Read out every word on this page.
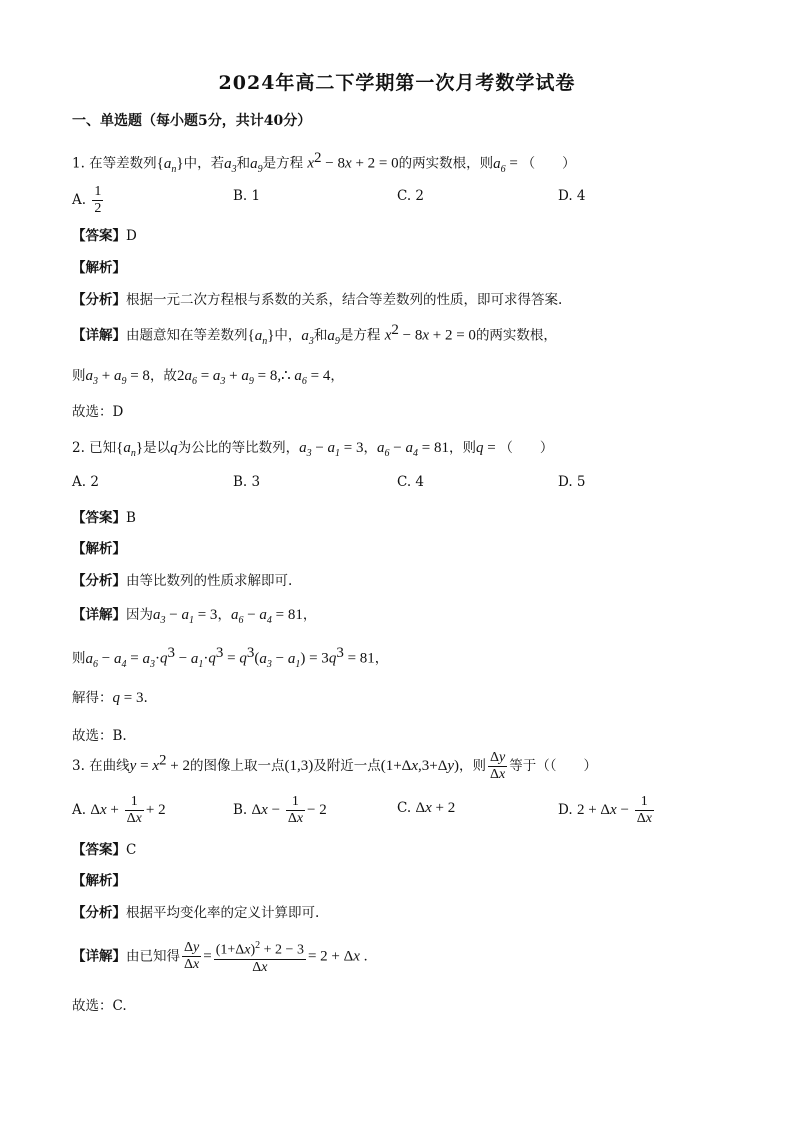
2024年高二下学期第一次月考数学试卷
一、单选题（每小题5分，共计40分）
1. 在等差数列$\{a_n\}$中，若$a_3$和$a_9$是方程 $x^2 - 8x + 2 = 0$的两实数根，则$a_6$ = （　　）
A. $\frac{1}{2}$	B. 1	C. 2	D. 4
【答案】D
【解析】
【分析】根据一元二次方程根与系数的关系，结合等差数列的性质，即可求得答案.
【详解】由题意知在等差数列$\{a_n\}$中，$a_3$和$a_9$是方程 $x^2 - 8x + 2 = 0$的两实数根，
则$a_3 + a_9 = 8$，故$2a_6 = a_3 + a_9$ = 8,∴ $a_6 = 4$，
故选：D
2. 已知$\{a_n\}$是以q为公比的等比数列，$a_3 - a_1 = 3$，$a_6 - a_4 = 81$，则q = （　　）
A. 2	B. 3	C. 4	D. 5
【答案】B
【解析】
【分析】由等比数列的性质求解即可.
【详解】因为$a_3 - a_1 = 3$，$a_6 - a_4 = 81$，
则$a_6 - a_4 = a_3\cdot q^3 - a_1\cdot q^3 = q^3(a_3 - a_1) = 3q^3 = 81$，
解得：q = 3.
故选：B.
3. 在曲线$y = x^2 + 2$的图像上取一点(1,3)及附近一点(1+Δx,3+Δy)，则 $\frac{\Delta y}{\Delta x}$ 等于（（　　）
A. $\Delta x + \frac{1}{\Delta x} + 2$	B. $\Delta x - \frac{1}{\Delta x} - 2$	C. Δx + 2	D. $2 + \Delta x - \frac{1}{\Delta x}$
【答案】C
【解析】
【分析】根据平均变化率的定义计算即可.
【详解】由已知得 $\frac{\Delta y}{\Delta x} = \frac{(1+\Delta x)^2 + 2 - 3}{\Delta x} = 2 + \Delta x$ .
故选：C.
